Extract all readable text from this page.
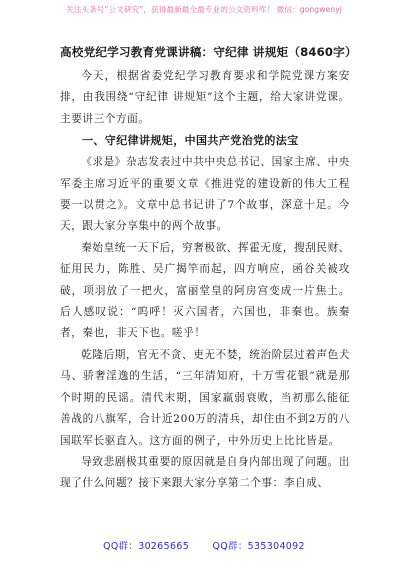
关注头条号“公文研究”，获得最新最全最专业的公文资料库！ 微信：gongwenyj
高校党纪学习教育党课讲稿：守纪律 讲规矩（8460字）

今天，根据省委党纪学习教育要求和学院党课方案安排，由我围绕“守纪律 讲规矩”这个主题，给大家讲党课。主要讲三个方面。

一、守纪律讲规矩，中国共产党治党的法宝

《求是》杂志发表过中共中央总书记、国家主席、中央军委主席习近平的重要文章《推进党的建设新的伟大工程要一以贯之》。文章中总书记讲了7个故事，深意十足。今天，跟大家分享集中的两个故事。

秦始皇统一天下后，穷奢极欲、挥霍无度，搜刮民财、征用民力，陈胜、吴广揭竿而起，四方响应，函谷关被攻破，项羽放了一把火，富丽堂皇的阿房宫变成一片焦土。后人感叹说：“呜呼！灭六国者，六国也，非秦也。族秦者，秦也，非天下也。嗟乎！

乾隆后期，官无不贪、吏无不婪，统治阶层过着声色犬马、骄奢淫逸的生活，“三年清知府，十万雪花银”就是那个时期的民谣。清代末期，国家羸弱衰败，当初那么能征善战的八旗军，合计近200万的清兵，却住由不到2万的八国联军长驱直入。这方面的例子，中外历史上比比皆是。

导致悲剧极其重要的原因就是自身内部出现了问题。出现了什么问题？接下来跟大家分享第二个事：李自成、

QQ群：30265665 QQ群：535304092
